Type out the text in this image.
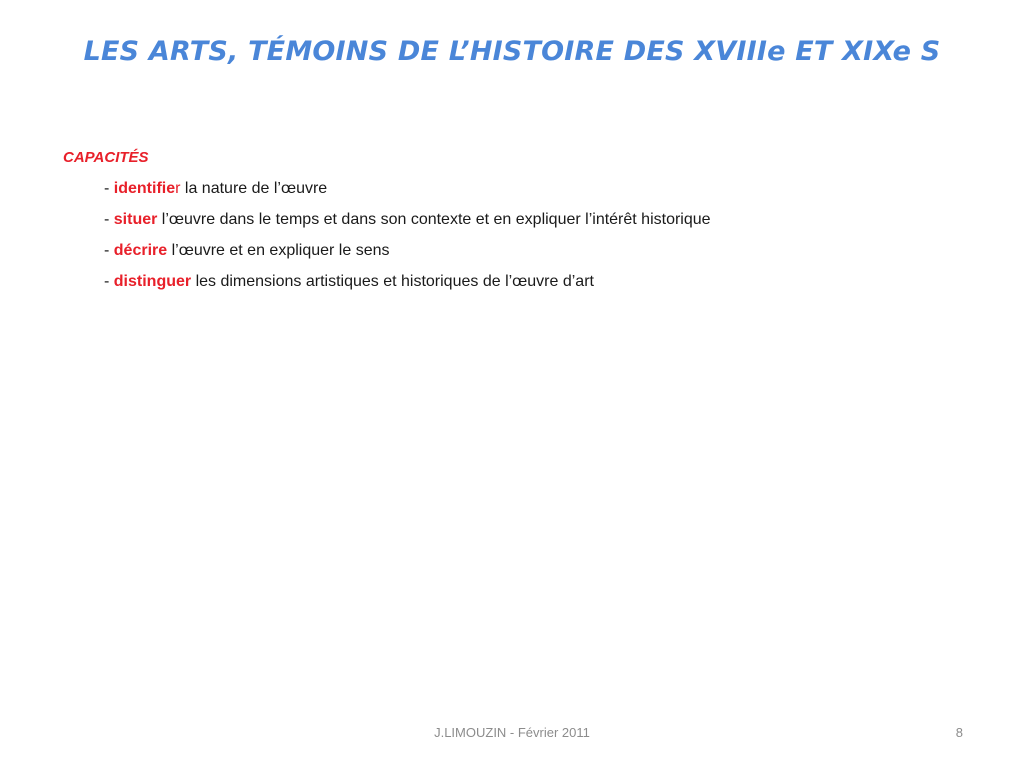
LES ARTS, TÉMOINS DE L’HISTOIRE DES XVIIIe ET XIXe S
CAPACITÉS
- identifier la nature de l’œuvre
- situer l’œuvre dans le temps et dans son contexte et en expliquer l’intérêt historique
- décrire l’œuvre et en expliquer le sens
- distinguer les dimensions artistiques et historiques de l’œuvre d’art
J.LIMOUZIN - Février 2011	8
